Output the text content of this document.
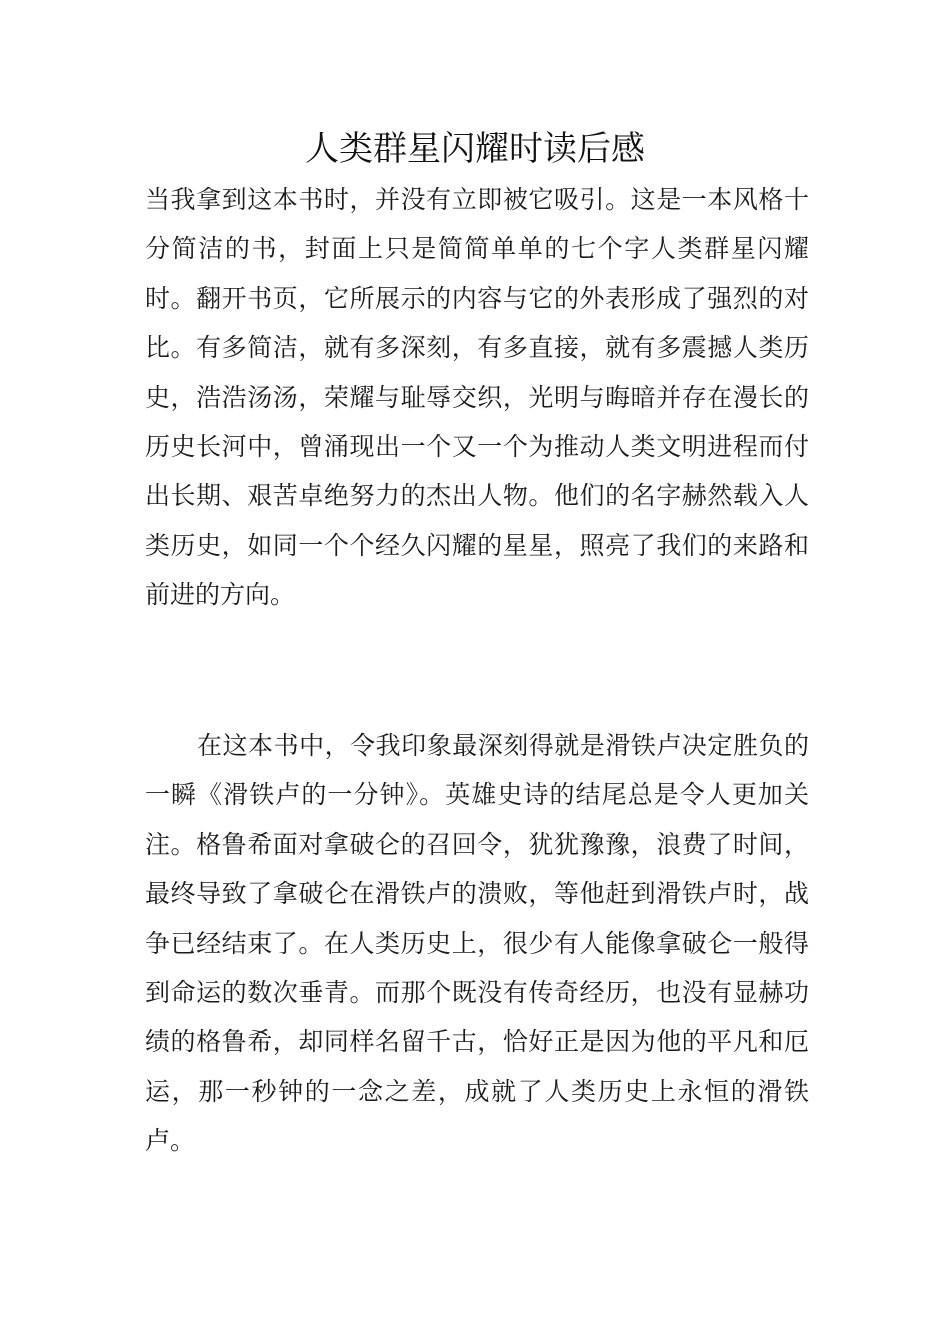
人类群星闪耀时读后感

当我拿到这本书时，并没有立即被它吸引。这是一本风格十分简洁的书，封面上只是简简单单的七个字人类群星闪耀时。翻开书页，它所展示的内容与它的外表形成了强烈的对比。有多简洁，就有多深刻，有多直接，就有多震撼人类历史，浩浩汤汤，荣耀与耻辱交织，光明与晦暗并存在漫长的历史长河中，曾涌现出一个又一个为推动人类文明进程而付出长期、艰苦卓绝努力的杰出人物。他们的名字赫然载入人类历史，如同一个个经久闪耀的星星，照亮了我们的来路和前进的方向。

在这本书中，令我印象最深刻得就是滑铁卢决定胜负的一瞬《滑铁卢的一分钟》。英雄史诗的结尾总是令人更加关注。格鲁希面对拿破仑的召回令，犹犹豫豫，浪费了时间，最终导致了拿破仑在滑铁卢的溃败，等他赶到滑铁卢时，战争已经结束了。在人类历史上，很少有人能像拿破仑一般得到命运的数次垂青。而那个既没有传奇经历，也没有显赫功绩的格鲁希，却同样名留千古，恰好正是因为他的平凡和厄运，那一秒钟的一念之差，成就了人类历史上永恒的滑铁卢。
